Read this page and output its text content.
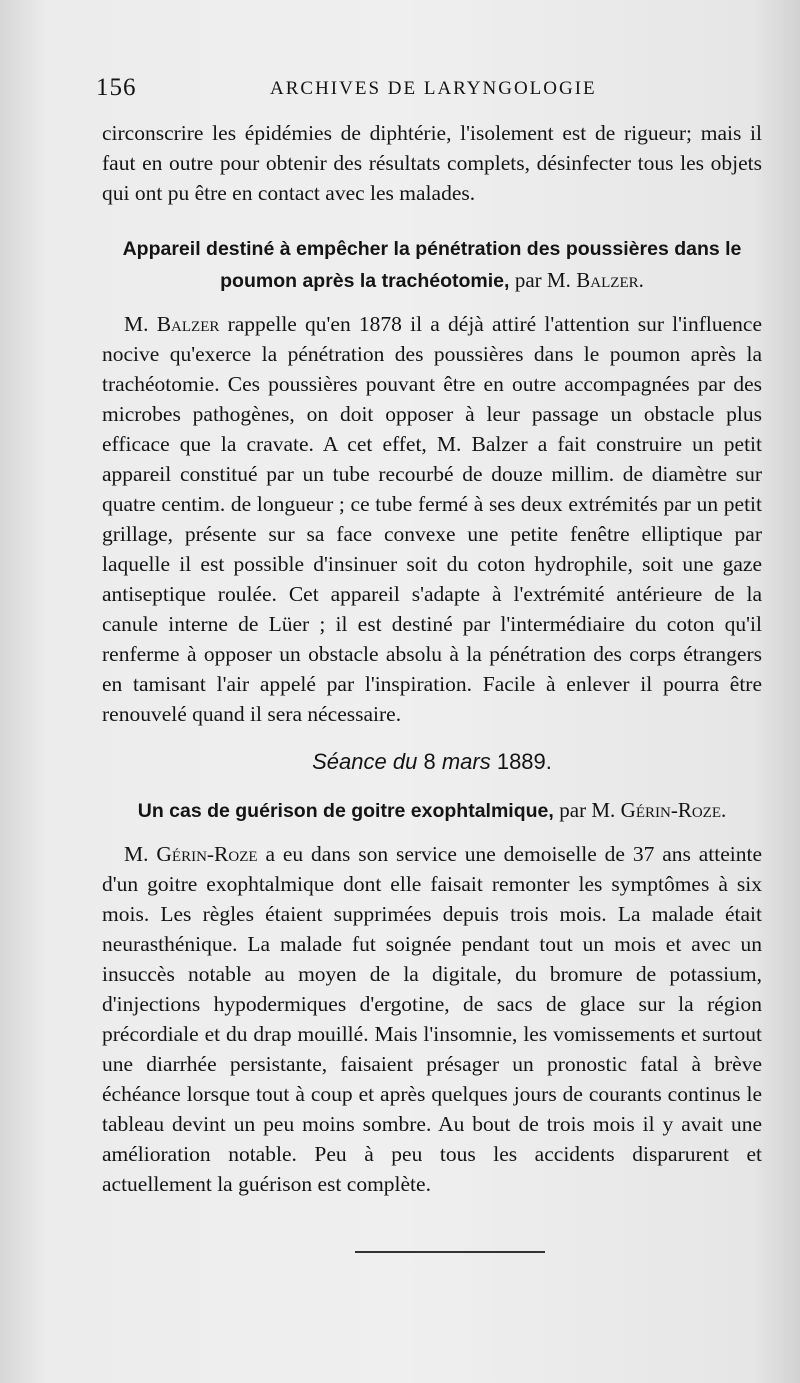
156	ARCHIVES DE LARYNGOLOGIE

circonscrire les épidémies de diphtérie, l'isolement est de rigueur; mais il faut en outre pour obtenir des résultats complets, désinfecter tous les objets qui ont pu être en contact avec les malades.

Appareil destiné à empêcher la pénétration des poussières dans le poumon après la trachéotomie, par M. Balzer.

M. Balzer rappelle qu'en 1878 il a déjà attiré l'attention sur l'influence nocive qu'exerce la pénétration des poussières dans le poumon après la trachéotomie. Ces poussières pouvant être en outre accompagnées par des microbes pathogènes, on doit opposer à leur passage un obstacle plus efficace que la cravate. A cet effet, M. Balzer a fait construire un petit appareil constitué par un tube recourbé de douze millim. de diamètre sur quatre centim. de longueur ; ce tube fermé à ses deux extrémités par un petit grillage, présente sur sa face convexe une petite fenêtre elliptique par laquelle il est possible d'insinuer soit du coton hydrophile, soit une gaze antiseptique roulée. Cet appareil s'adapte à l'extrémité antérieure de la canule interne de Lüer ; il est destiné par l'intermédiaire du coton qu'il renferme à opposer un obstacle absolu à la pénétration des corps étrangers en tamisant l'air appelé par l'inspiration. Facile à enlever il pourra être renouvelé quand il sera nécessaire.

Séance du 8 mars 1889.

Un cas de guérison de goitre exophtalmique, par M. Gérin-Roze.

M. Gérin-Roze a eu dans son service une demoiselle de 37 ans atteinte d'un goitre exophtalmique dont elle faisait remonter les symptômes à six mois. Les règles étaient supprimées depuis trois mois. La malade était neurasthénique. La malade fut soignée pendant tout un mois et avec un insuccès notable au moyen de la digitale, du bromure de potassium, d'injections hypodermiques d'ergotine, de sacs de glace sur la région précordiale et du drap mouillé. Mais l'insomnie, les vomissements et surtout une diarrhée persistante, faisaient présager un pronostic fatal à brève échéance lorsque tout à coup et après quelques jours de courants continus le tableau devint un peu moins sombre. Au bout de trois mois il y avait une amélioration notable. Peu à peu tous les accidents disparurent et actuellement la guérison est complète.
